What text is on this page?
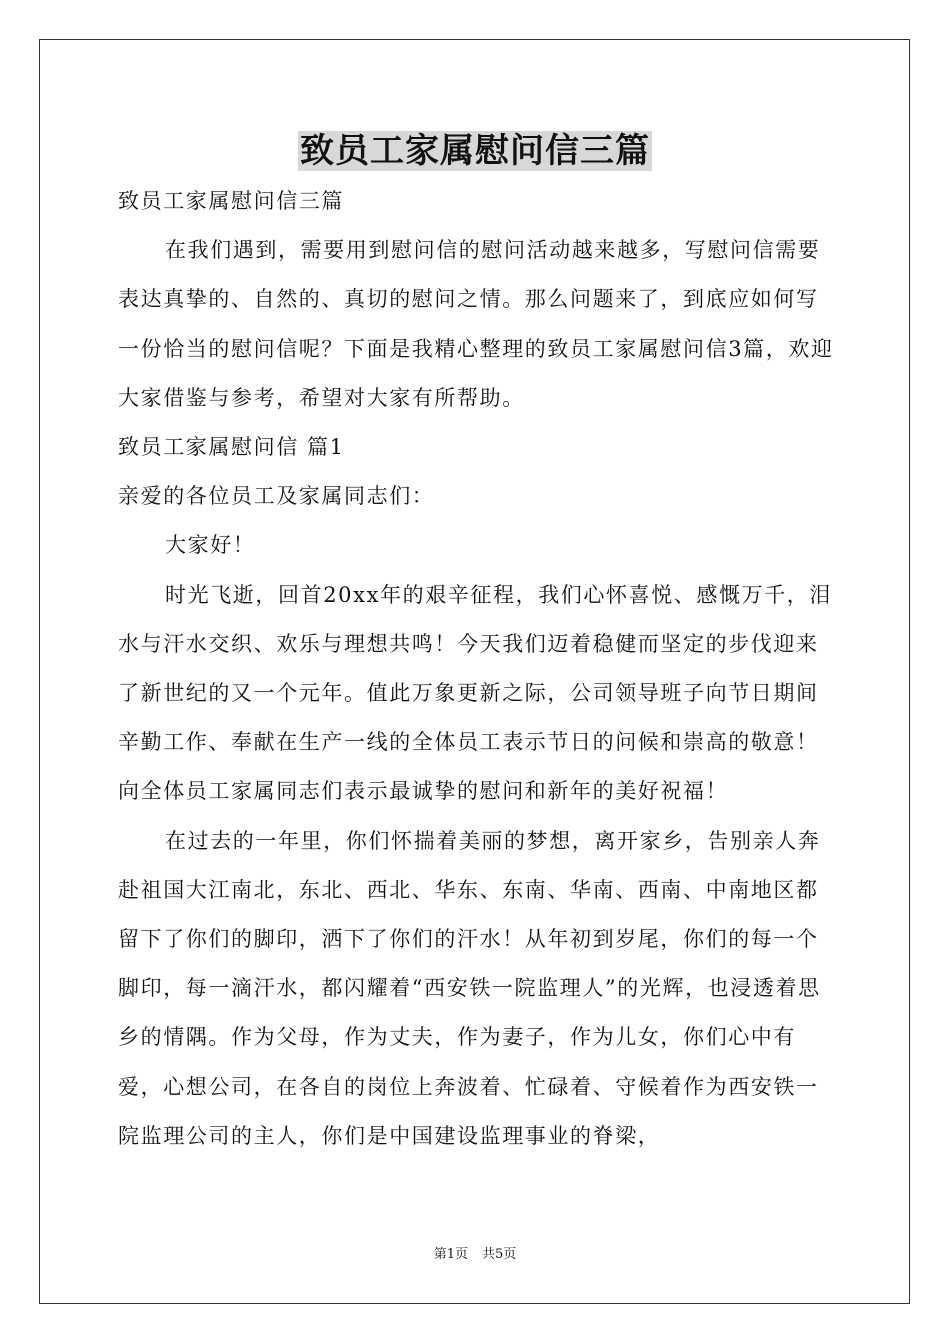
致员工家属慰问信三篇

致员工家属慰问信三篇

在我们遇到，需要用到慰问信的慰问活动越来越多，写慰问信需要表达真挚的、自然的、真切的慰问之情。那么问题来了，到底应如何写一份恰当的慰问信呢？下面是我精心整理的致员工家属慰问信3篇，欢迎大家借鉴与参考，希望对大家有所帮助。

致员工家属慰问信 篇1

亲爱的各位员工及家属同志们：

大家好！

时光飞逝，回首20xx年的艰辛征程，我们心怀喜悦、感慨万千，泪水与汗水交织、欢乐与理想共鸣！今天我们迈着稳健而坚定的步伐迎来了新世纪的又一个元年。值此万象更新之际，公司领导班子向节日期间辛勤工作、奉献在生产一线的全体员工表示节日的问候和崇高的敬意！向全体员工家属同志们表示最诚挚的慰问和新年的美好祝福！

在过去的一年里，你们怀揣着美丽的梦想，离开家乡，告别亲人奔赴祖国大江南北，东北、西北、华东、东南、华南、西南、中南地区都留下了你们的脚印，洒下了你们的汗水！从年初到岁尾，你们的每一个脚印，每一滴汗水，都闪耀着“西安铁一院监理人”的光辉，也浸透着思乡的情隅。作为父母，作为丈夫，作为妻子，作为儿女，你们心中有爱，心想公司，在各自的岗位上奔波着、忙碌着、守候着作为西安铁一院监理公司的主人，你们是中国建设监理事业的脊梁，

第1页 共5页
